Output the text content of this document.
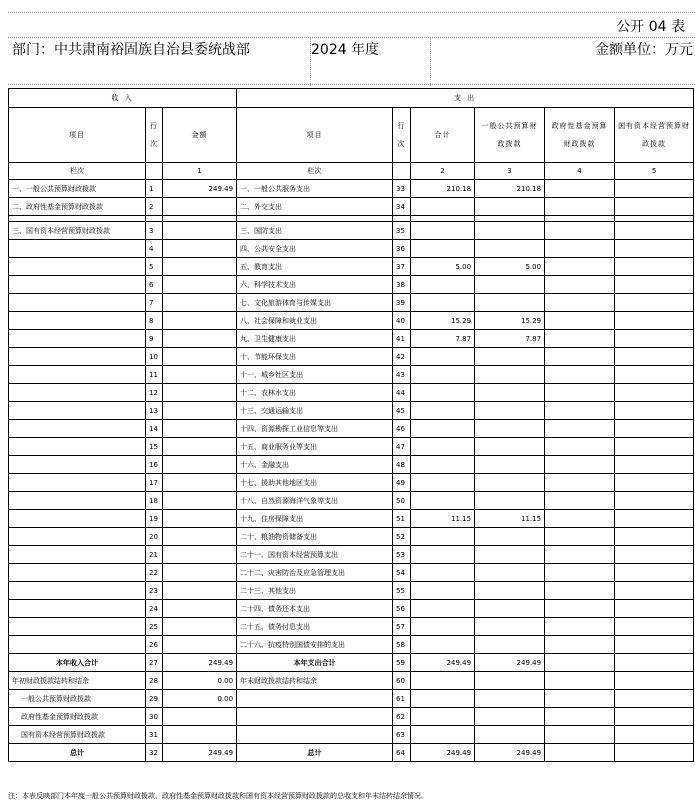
公开 04 表
部门：中共肃南裕固族自治县委统战部	2024 年度	金额单位：万元
收 入			支 出					
项目	行次	金额	项目	行次	合计	一般公共预算财政拨款	政府性基金预算财政拨款	国有资本经营预算财政拨款
栏次		1	栏次		2	3	4	5
一、一般公共预算财政拨款	1	249.49	一、一般公共服务支出	33	210.18	210.18		
二、政府性基金预算财政拨款	2		二、外交支出	34				

三、国有资本经营预算财政拨款	3		三、国防支出	35				
	4		四、公共安全支出	36				
	5		五、教育支出	37	5.00	5.00		
	6		六、科学技术支出	38				
	7		七、文化旅游体育与传媒支出	39				
	8		八、社会保障和就业支出	40	15.29	15.29		
	9		九、卫生健康支出	41	7.87	7.87		
	10		十、节能环保支出	42				
	11		十一、城乡社区支出	43				
	12		十二、农林水支出	44				
	13		十三、交通运输支出	45				
	14		十四、资源勘探工业信息等支出	46				
	15		十五、商业服务业等支出	47				
	16		十六、金融支出	48				
	17		十七、援助其他地区支出	49				
	18		十八、自然资源海洋气象等支出	50				
	19		十九、住房保障支出	51	11.15	11.15		
	20		二十、粮油物资储备支出	52				
	21		二十一、国有资本经营预算支出	53				
	22		二十二、灾害防治及应急管理支出	54				
	23		二十三、其他支出	55				
	24		二十四、债务还本支出	56				
	25		二十五、债务付息支出	57				
	26		二十六、抗疫特别国债安排的支出	58				
本年收入合计	27	249.49	本年支出合计	59	249.49	249.49		
年初财政拨款结转和结余	28	0.00	年末财政拨款结转和结余	60				
一般公共预算财政拨款	29	0.00		61				
政府性基金预算财政拨款	30			62				
国有资本经营预算财政拨款	31			63				
总计	32	249.49	总计	64	249.49	249.49		
注：本表反映部门本年度一般公共预算财政拨款、政府性基金预算财政拨款和国有资本经营预算财政拨款的总收支和年末结转结余情况。
